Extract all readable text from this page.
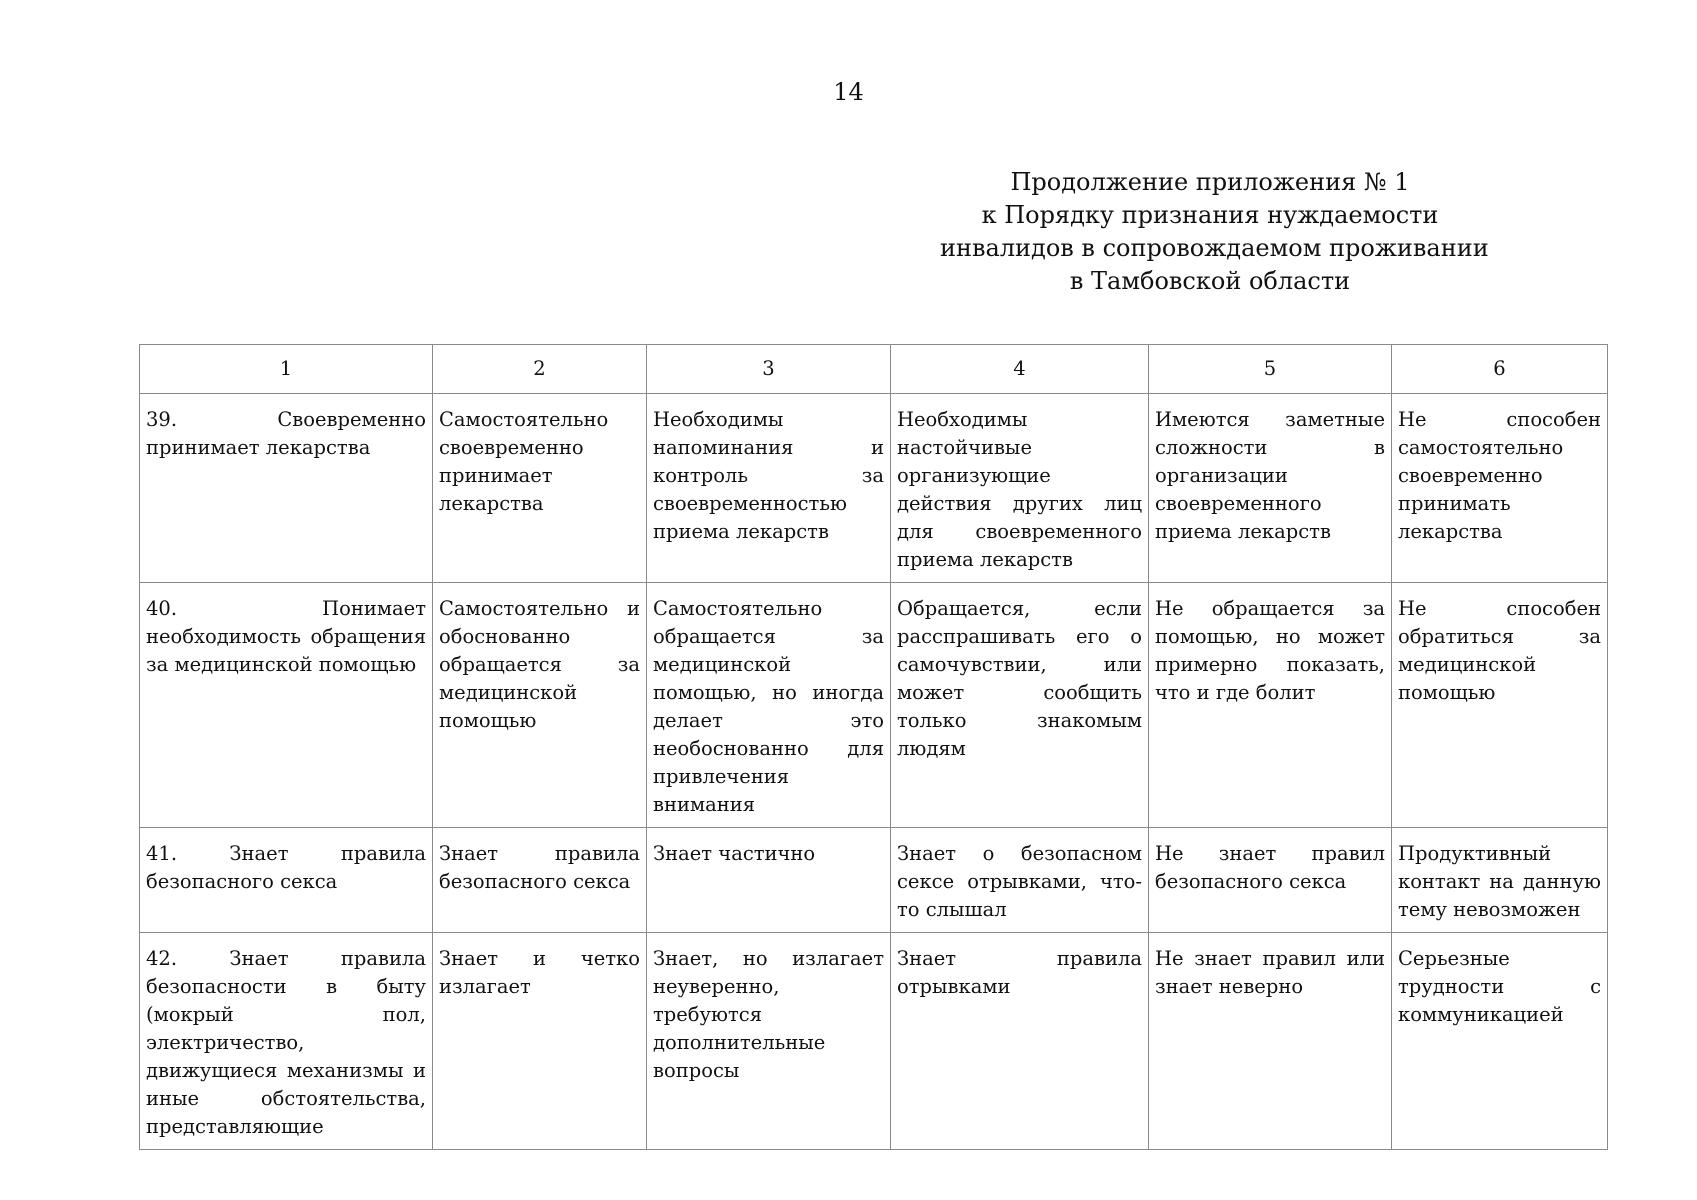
14
Продолжение приложения № 1
к Порядку признания нуждаемости
инвалидов в сопровождаемом проживании
в Тамбовской области
1	2	3	4	5	6
39. Своевременно принимает лекарства	Самостоятельно своевременно принимает лекарства	Необходимы напоминания и контроль за своевременностью приема лекарств	Необходимы настойчивые организующие действия других лиц для своевременного приема лекарств	Имеются заметные сложности в организации своевременного приема лекарств	Не способен самостоятельно своевременно принимать лекарства
40. Понимает необходимость обращения за медицинской помощью	Самостоятельно и обоснованно обращается за медицинской помощью	Самостоятельно обращается за медицинской помощью, но иногда делает это необоснованно для привлечения внимания	Обращается, если расспрашивать его о самочувствии, или может сообщить только знакомым людям	Не обращается за помощью, но может примерно показать, что и где болит	Не способен обратиться за медицинской помощью
41. Знает правила безопасного секса	Знает правила безопасного секса	Знает частично	Знает о безопасном сексе отрывками, что-то слышал	Не знает правил безопасного секса	Продуктивный контакт на данную тему невозможен
42. Знает правила безопасности в быту (мокрый пол, электричество, движущиеся механизмы и иные обстоятельства, представляющие	Знает и четко излагает	Знает, но излагает неуверенно, требуются дополнительные вопросы	Знает правила отрывками	Не знает правил или знает неверно	Серьезные трудности с коммуникацией
